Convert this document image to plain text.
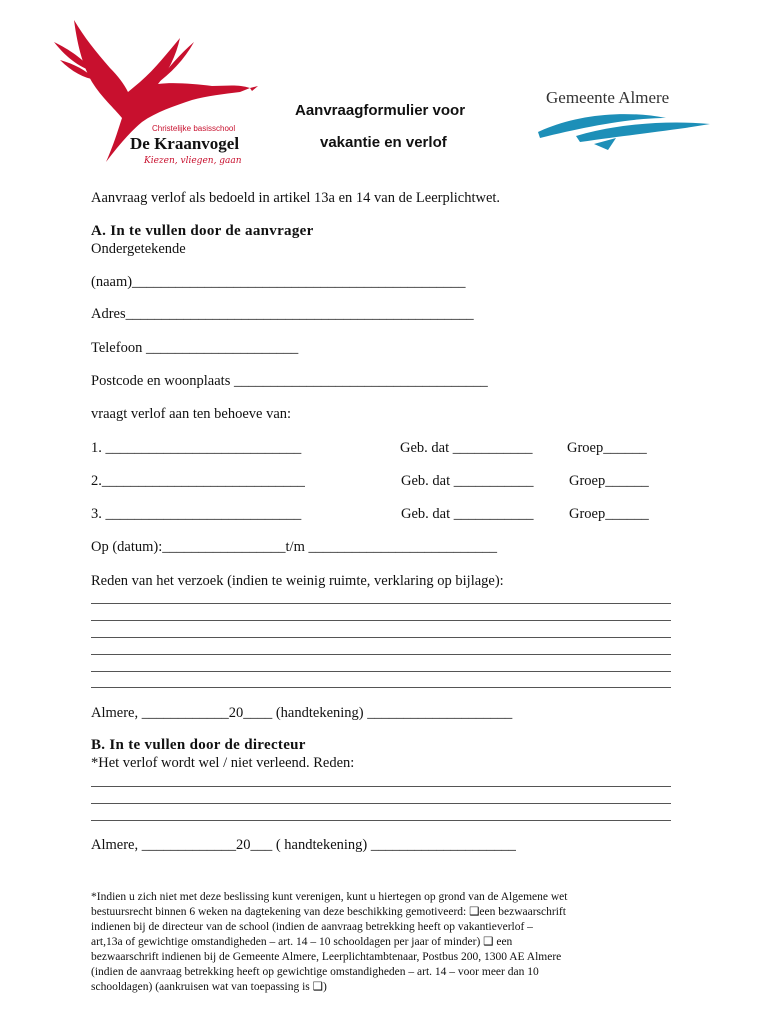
Christelijke basisschool
De Kraanvogel
Kiezen, vliegen, gaan
Aanvraagformulier voor
vakantie en verlof
Gemeente Almere
Aanvraag verlof als bedoeld in artikel 13a en 14 van de Leerplichtwet.
A. In te vullen door de aanvrager
Ondergetekende
(naam)______________________________________________
Adres________________________________________________
Telefoon _____________________
Postcode en woonplaats ___________________________________
vraagt verlof aan ten behoeve van:
1. ___________________________	Geb. dat ___________ Groep______
2.____________________________	Geb. dat ___________ Groep______
3. ___________________________	Geb. dat ___________ Groep______
Op (datum):_________________t/m __________________________
Reden van het verzoek (indien te weinig ruimte, verklaring op bijlage):
Almere, ____________20____ (handtekening) ____________________
B. In te vullen door de directeur
*Het verlof wordt wel / niet verleend. Reden:
Almere, _____________20___ ( handtekening) ____________________

*Indien u zich niet met deze beslissing kunt verenigen, kunt u hiertegen op grond van de Algemene wet

bestuursrecht binnen 6 weken na dagtekening van deze beschikking gemotiveerd: ❑een bezwaarschrift

indienen bij de directeur van de school (indien de aanvraag betrekking heeft op vakantieverlof –

art,13a of gewichtige omstandigheden – art. 14 – 10 schooldagen per jaar of minder) ❑ een

bezwaarschrift indienen bij de Gemeente Almere, Leerplichtambtenaar, Postbus 200, 1300 AE Almere

(indien de aanvraag betrekking heeft op gewichtige omstandigheden – art. 14 – voor meer dan 10

schooldagen) (aankruisen wat van toepassing is ❑)
